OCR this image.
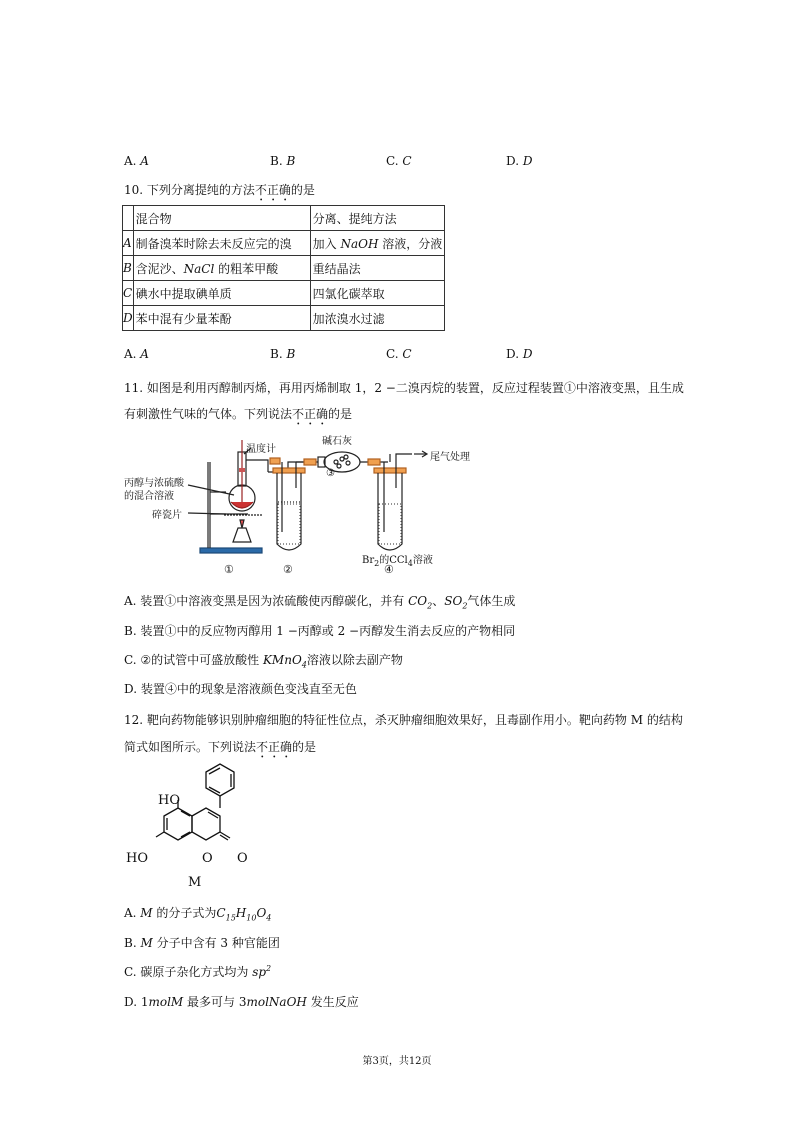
A. A	B. B	C. C	D. D
10. 下列分离提纯的方法不正确的是
	混合物	分离、提纯方法
A	制备溴苯时除去未反应完的溴	加入 NaOH 溶液，分液
B	含泥沙、NaCl 的粗苯甲酸	重结晶法
C	碘水中提取碘单质	四氯化碳萃取
D	苯中混有少量苯酚	加浓溴水过滤
A. A	B. B	C. C	D. D
11. 如图是利用丙醇制丙烯，再用丙烯制取 1，2 −二溴丙烷的装置，反应过程装置①中溶液变黑，且生成
有刺激性气味的气体。下列说法不正确的是
温度计
碱石灰
尾气处理
丙醇与浓硫酸
的混合溶液
碎瓷片
③
①	②	④
$Br_2$的CCl$_4$溶液
A. 装置①中溶液变黑是因为浓硫酸使丙醇碳化，并有 $CO_2$、$SO_2$气体生成
B. 装置①中的反应物丙醇用 1 −丙醇或 2 −丙醇发生消去反应的产物相同
C. ②的试管中可盛放酸性 KMnO$_4$溶液以除去副产物
D. 装置④中的现象是溶液颜色变浅直至无色
12. 靶向药物能够识别肿瘤细胞的特征性位点，杀灭肿瘤细胞效果好，且毒副作用小。靶向药物 M 的结构
简式如图所示。下列说法不正确的是
HO
HO	O O
M
A. M 的分子式为$C_{15}H_{10}O_4$
B. M 分子中含有 3 种官能团
C. 碳原子杂化方式均为 $sp^2$
D. 1molM 最多可与 3molNaOH 发生反应
第3页，共12页
